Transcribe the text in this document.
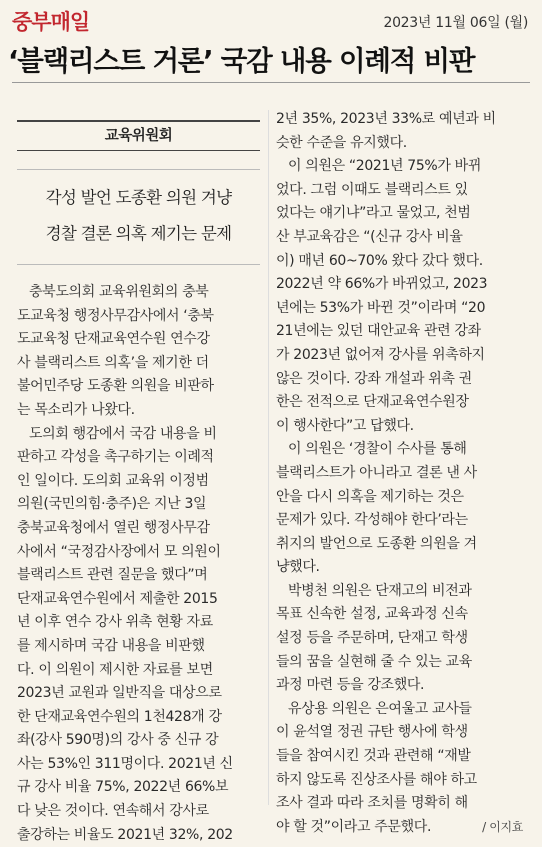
중부매일	2023년 11월 06일 (월)
‘블랙리스트 거론’ 국감 내용 이례적 비판
교육위원회
각성 발언 도종환 의원 겨냥
경찰 결론 의혹 제기는 문제
충북도의회 교육위원회의 충북
도교육청 행정사무감사에서 ‘충북
도교육청 단재교육연수원 연수강
사 블랙리스트 의혹’을 제기한 더
불어민주당 도종환 의원을 비판하
는 목소리가 나왔다.
도의회 행감에서 국감 내용을 비
판하고 각성을 촉구하기는 이례적
인 일이다. 도의회 교육위 이정범
의원(국민의힘·충주)은 지난 3일
충북교육청에서 열린 행정사무감
사에서 “국정감사장에서 모 의원이
블랙리스트 관련 질문을 했다”며
단재교육연수원에서 제출한 2015
년 이후 연수 강사 위촉 현황 자료
를 제시하며 국감 내용을 비판했
다. 이 의원이 제시한 자료를 보면
2023년 교원과 일반직을 대상으로
한 단재교육연수원의 1천428개 강
좌(강사 590명)의 강사 중 신규 강
사는 53%인 311명이다. 2021년 신
규 강사 비율 75%, 2022년 66%보
다 낮은 것이다. 연속해서 강사로
출강하는 비율도 2021년 32%, 202
2년 35%, 2023년 33%로 예년과 비
슷한 수준을 유지했다.
이 의원은 “2021년 75%가 바뀌
었다. 그럼 이때도 블랙리스트 있
었다는 얘기냐”라고 물었고, 천범
산 부교육감은 “(신규 강사 비율
이) 매년 60~70% 왔다 갔다 했다.
2022년 약 66%가 바뀌었고, 2023
년에는 53%가 바뀐 것”이라며 “20
21년에는 있던 대안교육 관련 강좌
가 2023년 없어져 강사를 위촉하지
않은 것이다. 강좌 개설과 위촉 권
한은 전적으로 단재교육연수원장
이 행사한다”고 답했다.
이 의원은 ‘경찰이 수사를 통해
블랙리스트가 아니라고 결론 낸 사
안을 다시 의혹을 제기하는 것은
문제가 있다. 각성해야 한다’라는
취지의 발언으로 도종환 의원을 겨
냥했다.
박병천 의원은 단재고의 비전과
목표 신속한 설정, 교육과정 신속
설정 등을 주문하며, 단재고 학생
들의 꿈을 실현해 줄 수 있는 교육
과정 마련 등을 강조했다.
유상용 의원은 은여울고 교사들
이 윤석열 정권 규탄 행사에 학생
들을 참여시킨 것과 관련해 “재발
하지 않도록 진상조사를 해야 하고
조사 결과 따라 조치를 명확히 해
야 할 것”이라고 주문했다.	/ 이지효
